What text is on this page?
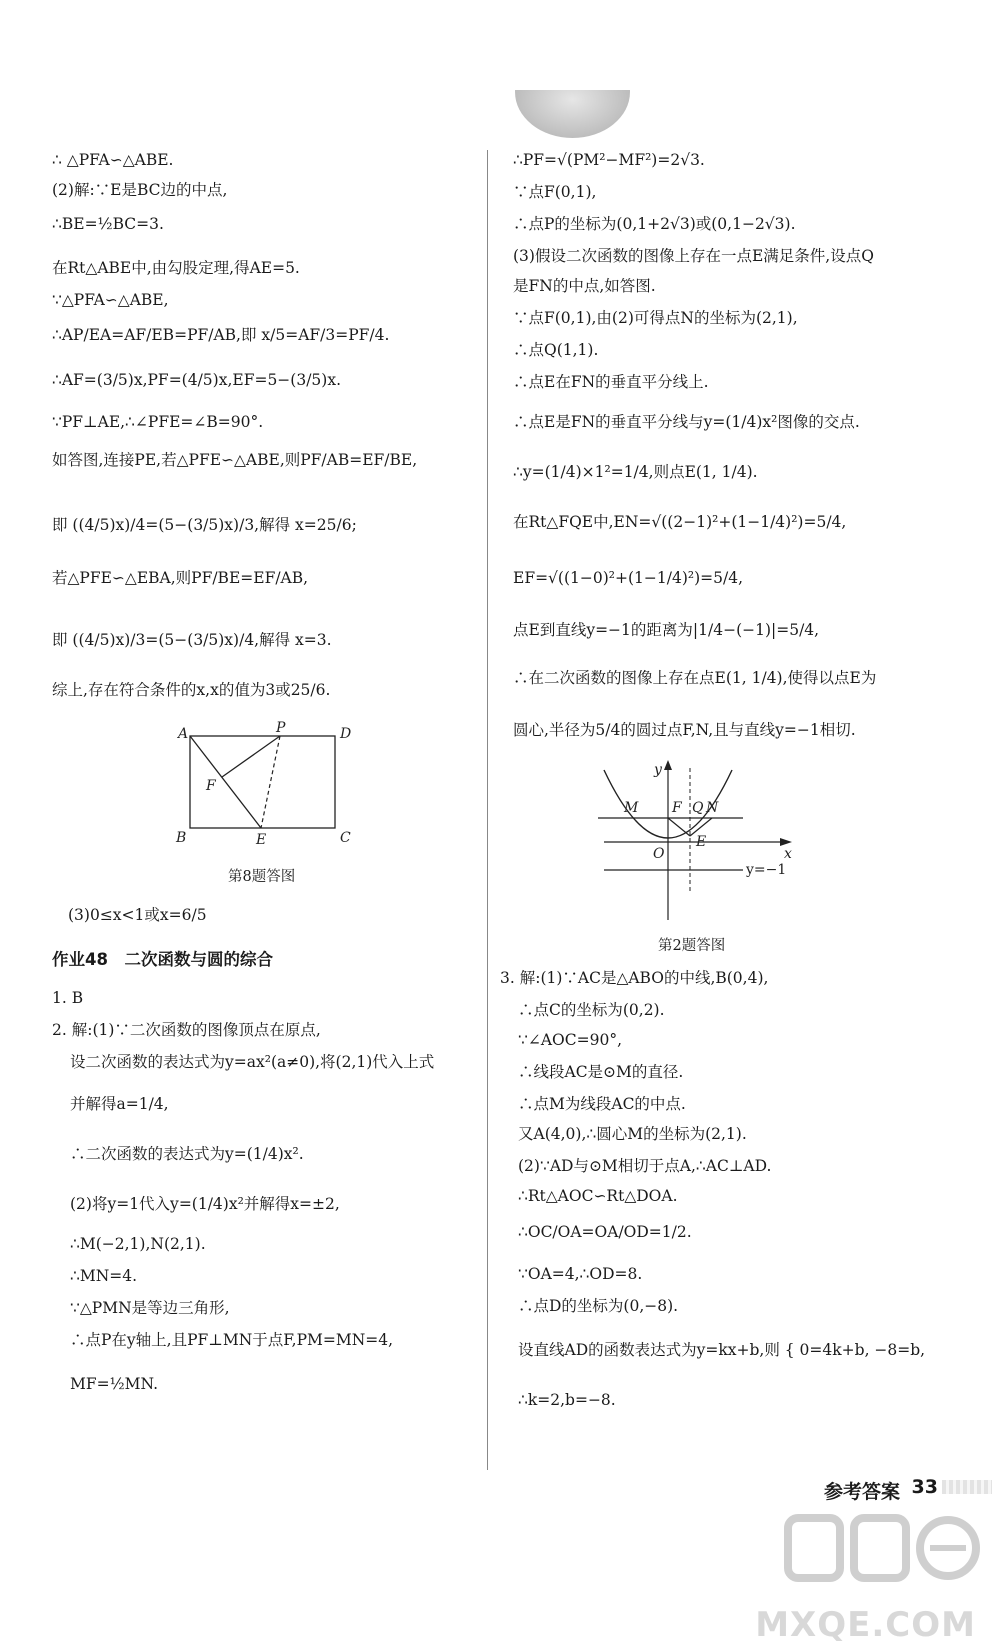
∴ △PFA∽△ABE.
(2)解:∵E是BC边的中点,
∴BE=½BC=3.
在Rt△ABE中,由勾股定理,得AE=5.
∵△PFA∽△ABE,
∴AP/EA=AF/EB=PF/AB,即 x/5=AF/3=PF/4.
∴AF=(3/5)x,PF=(4/5)x,EF=5−(3/5)x.
∵PF⊥AE,∴∠PFE=∠B=90°.
如答图,连接PE,若△PFE∽△ABE,则PF/AB=EF/BE,
即 ((4/5)x)/4=(5−(3/5)x)/3,解得 x=25/6;
若△PFE∽△EBA,则PF/BE=EF/AB,
即 ((4/5)x)/3=(5−(3/5)x)/4,解得 x=3.
综上,存在符合条件的x,x的值为3或25/6.
A	P	D
F
B	E	C
第8题答图
(3)0≤x<1或x=6/5
作业48　二次函数与圆的综合
1. B
2. 解:(1)∵二次函数的图像顶点在原点,
设二次函数的表达式为y=ax²(a≠0),将(2,1)代入上式
并解得a=1/4,
∴二次函数的表达式为y=(1/4)x².
(2)将y=1代入y=(1/4)x²并解得x=±2,
∴M(−2,1),N(2,1).
∴MN=4.
∵△PMN是等边三角形,
∴点P在y轴上,且PF⊥MN于点F,PM=MN=4,
MF=½MN.
∴PF=√(PM²−MF²)=2√3.
∵点F(0,1),
∴点P的坐标为(0,1+2√3)或(0,1−2√3).
(3)假设二次函数的图像上存在一点E满足条件,设点Q
是FN的中点,如答图.
∵点F(0,1),由(2)可得点N的坐标为(2,1),
∴点Q(1,1).
∴点E在FN的垂直平分线上.
∴点E是FN的垂直平分线与y=(1/4)x²图像的交点.
∴y=(1/4)×1²=1/4,则点E(1, 1/4).
在Rt△FQE中,EN=√((2−1)²+(1−1/4)²)=5/4,
EF=√((1−0)²+(1−1/4)²)=5/4,
点E到直线y=−1的距离为|1/4−(−1)|=5/4,
∴在二次函数的图像上存在点E(1, 1/4),使得以点E为
圆心,半径为5/4的圆过点F,N,且与直线y=−1相切.
y
M F Q N
E
O	x
y=−1
第2题答图
3. 解:(1)∵AC是△ABO的中线,B(0,4),
∴点C的坐标为(0,2).
∵∠AOC=90°,
∴线段AC是⊙M的直径.
∴点M为线段AC的中点.
又A(4,0),∴圆心M的坐标为(2,1).
(2)∵AD与⊙M相切于点A,∴AC⊥AD.
∴Rt△AOC∽Rt△DOA.
∴OC/OA=OA/OD=1/2.
∵OA=4,∴OD=8.
∴点D的坐标为(0,−8).
设直线AD的函数表达式为y=kx+b,则 { 0=4k+b, −8=b,
∴k=2,b=−8.
参考答案 33
MXQE.COM
